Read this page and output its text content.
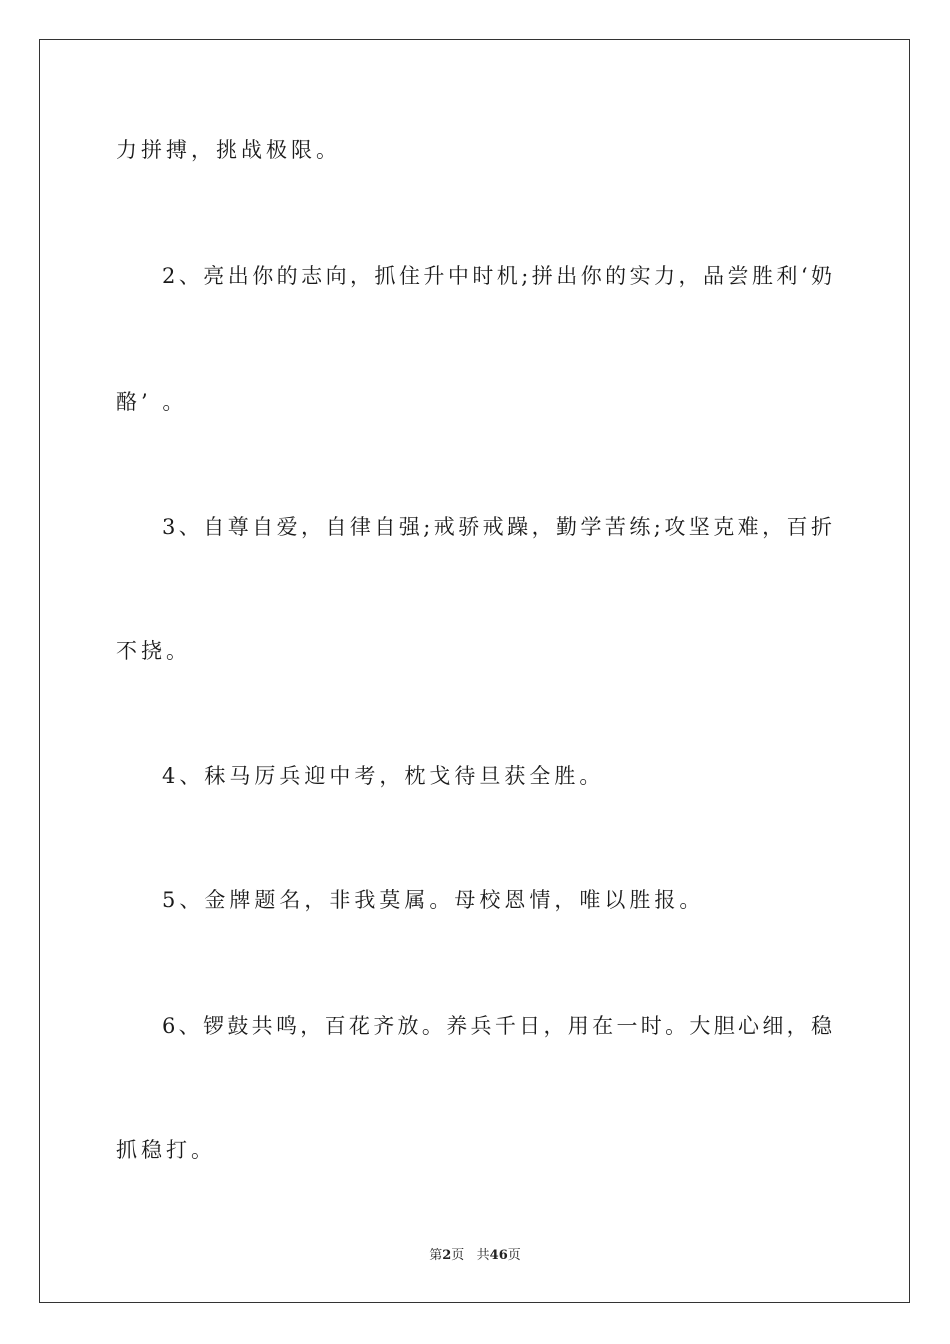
力拼搏，挑战极限。
2、亮出你的志向，抓住升中时机;拼出你的实力，品尝胜利‘奶
酪’ 。
3、自尊自爱，自律自强;戒骄戒躁，勤学苦练;攻坚克难，百折
不挠。
4、秣马厉兵迎中考，枕戈待旦获全胜。
5、金牌题名，非我莫属。母校恩情，唯以胜报。
6、锣鼓共鸣，百花齐放。养兵千日，用在一时。大胆心细，稳
抓稳打。
第2页   共46页
